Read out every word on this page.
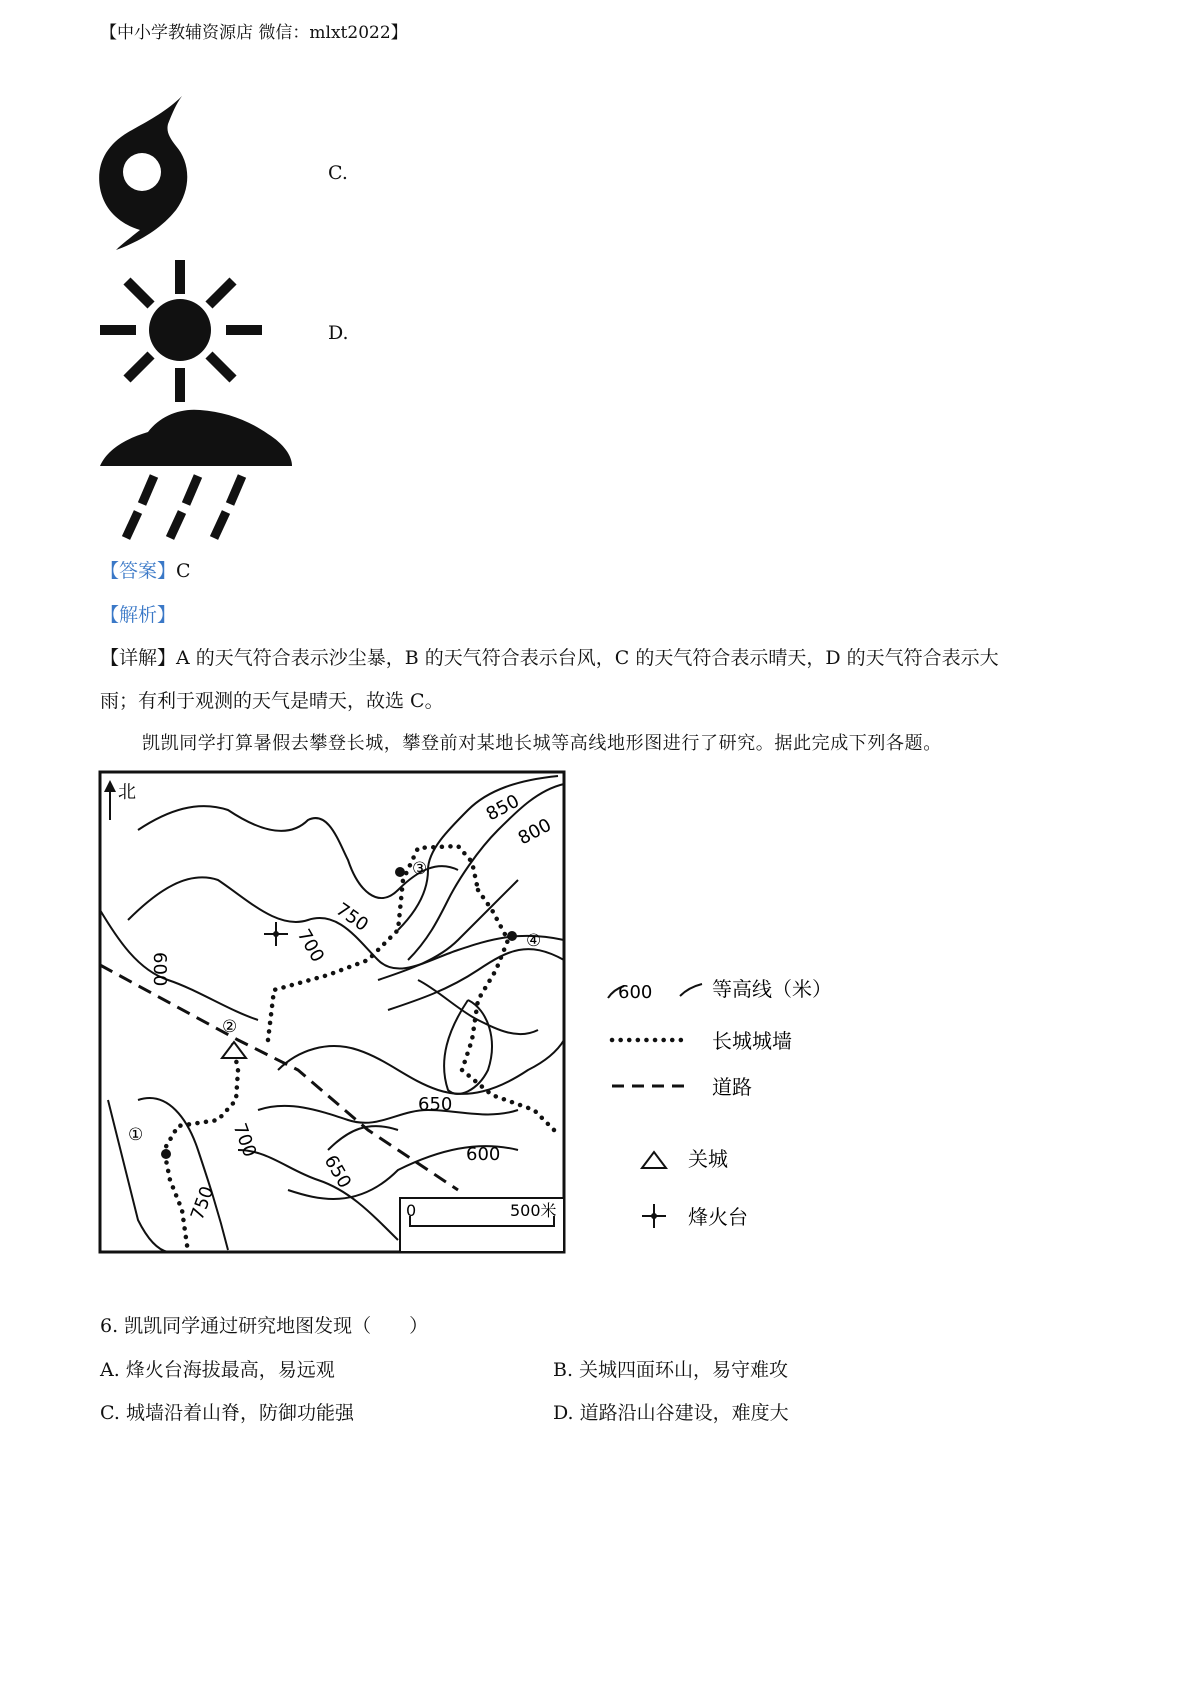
【中小学教辅资源店 微信：mlxt2022】
C.
D.
【答案】C
【解析】
【详解】A 的天气符合表示沙尘暴，B 的天气符合表示台风，C 的天气符合表示晴天，D 的天气符合表示大
雨；有利于观测的天气是晴天，故选 C。
凯凯同学打算暑假去攀登长城，攀登前对某地长城等高线地形图进行了研究。据此完成下列各题。
北
①
②
③
④
850
800
750
700
600
650
700
750
650	600
0	500米
600	等高线（米）
长城城墙
道路
关城
烽火台
6. 凯凯同学通过研究地图发现（　　）
A. 烽火台海拔最高，易远观	B. 关城四面环山，易守难攻
C. 城墙沿着山脊，防御功能强	D. 道路沿山谷建设，难度大
